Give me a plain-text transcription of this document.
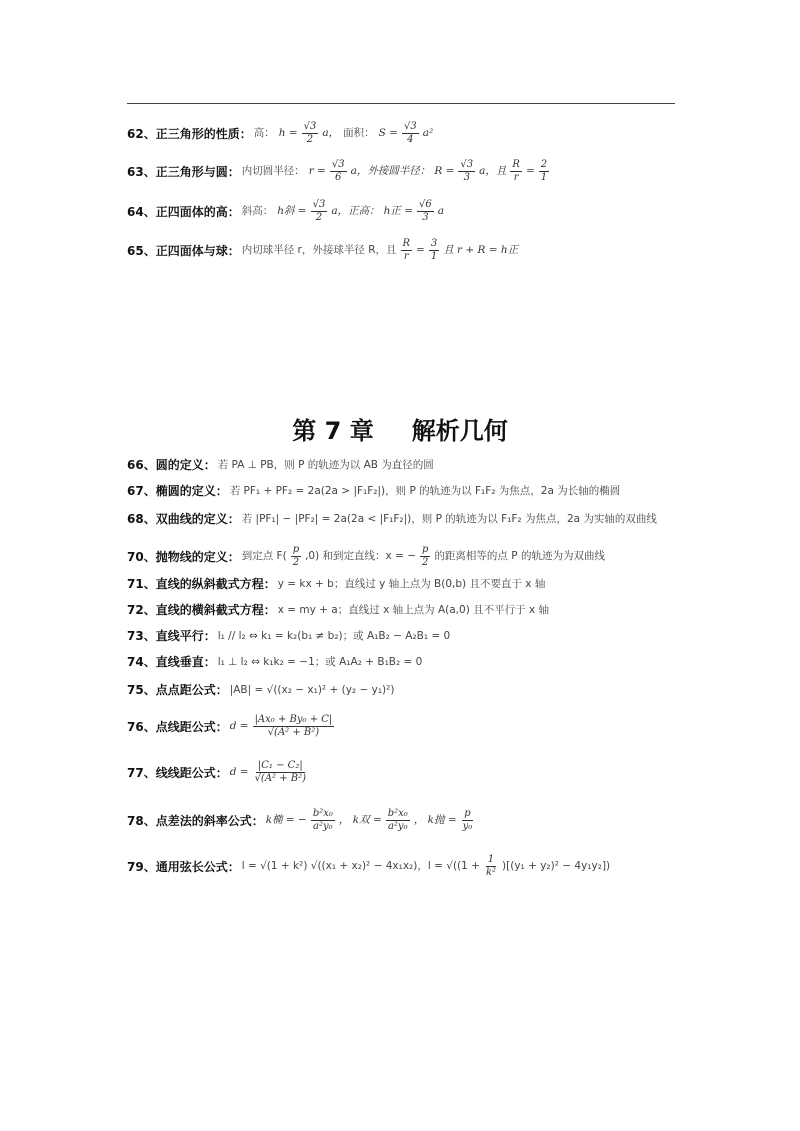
62、正三角形的性质： 高： $h = \frac{√3}{2}$ a， 面积： $S = \frac{√3}{4} a^2$
63、正三角形与圆： 内切圆半径： $r = \frac{√3}{6}$ a，外接圆半径： $R = \frac{√3}{3}$ a，且 $\frac{R}{r} = \frac{2}{1}$
64、正四面体的高： 斜高： h斜 = $\frac{√3}{2}$ a，正高： h正 = $\frac{√6}{3}$ a
65、正四面体与球： 内切球半径 r，外接球半径 R，且 $\frac{R}{r} = \frac{3}{1}$ 且 r + R = h正
第 7 章 解析几何
66、圆的定义： 若 PA ⊥ PB，则 P 的轨迹为以 AB 为直径的圆
67、椭圆的定义： 若 PF₁ + PF₂ = 2a(2a > |F₁F₂|)，则 P 的轨迹为以 F₁F₂ 为焦点，2a 为长轴的椭圆
68、双曲线的定义： 若 |PF₁| − |PF₂| = 2a(2a < |F₁F₂|)，则 P 的轨迹为以 F₁F₂ 为焦点，2a 为实轴的双曲线
70、抛物线的定义： 到定点 $F( \frac{p}{2} ,0)$ 和到定直线：x = − $\frac{p}{2}$ 的距离相等的点 P 的轨迹为为双曲线
71、直线的纵斜截式方程： y = kx + b；直线过 y 轴上点为 B(0,b) 且不要直于 x 轴
72、直线的横斜截式方程： x = my + a；直线过 x 轴上点为 A(a,0) 且不平行于 x 轴
73、直线平行： l₁ // l₂ ⇔ k₁ = k₂(b₁ ≠ b₂)；或 A₁B₂ − A₂B₁ = 0
74、直线垂直： l₁ ⊥ l₂ ⇔ k₁k₂ = −1；或 A₁A₂ + B₁B₂ = 0
75、点点距公式： |AB| = √((x₂ − x₁)² + (y₂ − y₁)²)
76、点线距公式： $d = \frac{\text{|Ax₀ + By₀ + C|}}{\text{√(A² + B²)}}$
77、线线距公式： $d = \frac{\text{|C₁ − C₂|}}{\text{√(A² + B²)}}$
78、点差法的斜率公式： k椭 = − $\frac{\text{b²x₀}}{\text{a²y₀}}$ ， k双 = $\frac{\text{b²x₀}}{\text{a²y₀}}$ ， k抛 = $\frac{p}{\text{y₀}}$
79、通用弦长公式： l = √(1 + k²) √((x₁ + x₂)² − 4x₁x₂)，$l = √((1 + \frac{1}{\text{k²}} )[(y_1 + y_2)^2 - 4y_1y_2])$
